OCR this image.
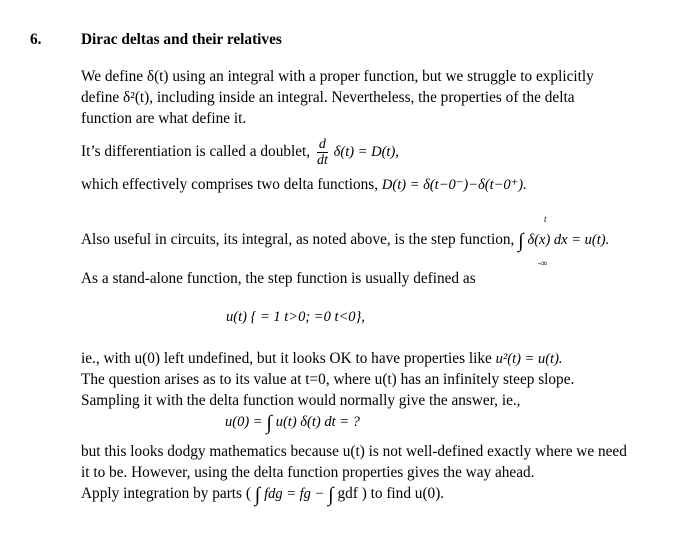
6.	Dirac deltas and their relatives
We define δ(t) using an integral with a proper function, but we struggle to explicitly
define δ²(t), including inside an integral. Nevertheless, the properties of the delta
function are what define it.
It’s differentiation is called a doublet, $\frac{d}{dt} \delta(t) = D(t)$,
which effectively comprises two delta functions, D(t) = δ(t−0⁻)−δ(t−0⁺).
Also useful in circuits, its integral, as noted above, is the step function, ∫ δ(x) dx = u(t).
t
-∞
As a stand-alone function, the step function is usually defined as
u(t) { = 1 t>0; =0 t<0},
ie., with u(0) left undefined, but it looks OK to have properties like u²(t) = u(t).
The question arises as to its value at t=0, where u(t) has an infinitely steep slope.
Sampling it with the delta function would normally give the answer, ie.,
u(0) = ∫ u(t) δ(t) dt = ?
but this looks dodgy mathematics because u(t) is not well-defined exactly where we need
it to be. However, using the delta function properties gives the way ahead.
Apply integration by parts ( ∫ fdg = fg − ∫ gdf ) to find u(0).
